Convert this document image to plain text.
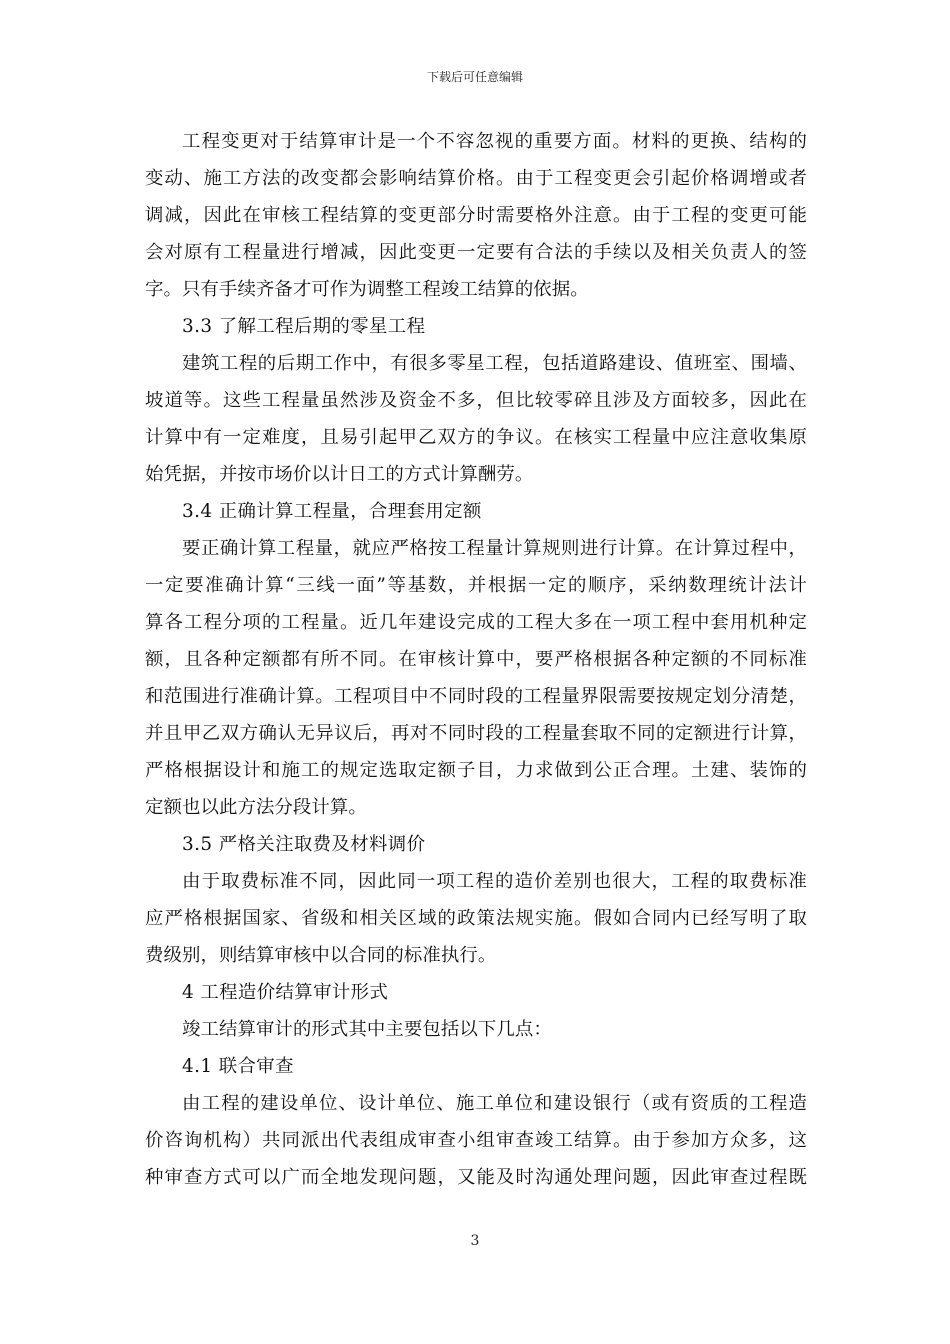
下载后可任意编辑
工程变更对于结算审计是一个不容忽视的重要方面。材料的更换、结构的
变动、施工方法的改变都会影响结算价格。由于工程变更会引起价格调增或者
调减，因此在审核工程结算的变更部分时需要格外注意。由于工程的变更可能
会对原有工程量进行增减，因此变更一定要有合法的手续以及相关负责人的签
字。只有手续齐备才可作为调整工程竣工结算的依据。
3.3 了解工程后期的零星工程
建筑工程的后期工作中，有很多零星工程，包括道路建设、值班室、围墙、
坡道等。这些工程量虽然涉及资金不多，但比较零碎且涉及方面较多，因此在
计算中有一定难度，且易引起甲乙双方的争议。在核实工程量中应注意收集原
始凭据，并按市场价以计日工的方式计算酬劳。
3.4 正确计算工程量，合理套用定额
要正确计算工程量，就应严格按工程量计算规则进行计算。在计算过程中，
一定要准确计算“三线一面”等基数，并根据一定的顺序，采纳数理统计法计
算各工程分项的工程量。近几年建设完成的工程大多在一项工程中套用机种定
额，且各种定额都有所不同。在审核计算中，要严格根据各种定额的不同标准
和范围进行准确计算。工程项目中不同时段的工程量界限需要按规定划分清楚，
并且甲乙双方确认无异议后，再对不同时段的工程量套取不同的定额进行计算，
严格根据设计和施工的规定选取定额子目，力求做到公正合理。土建、装饰的
定额也以此方法分段计算。
3.5 严格关注取费及材料调价
由于取费标准不同，因此同一项工程的造价差别也很大，工程的取费标准
应严格根据国家、省级和相关区域的政策法规实施。假如合同内已经写明了取
费级别，则结算审核中以合同的标准执行。
4 工程造价结算审计形式
竣工结算审计的形式其中主要包括以下几点：
4.1 联合审查
由工程的建设单位、设计单位、施工单位和建设银行（或有资质的工程造
价咨询机构）共同派出代表组成审查小组审查竣工结算。由于参加方众多，这
种审查方式可以广而全地发现问题，又能及时沟通处理问题，因此审查过程既
3
